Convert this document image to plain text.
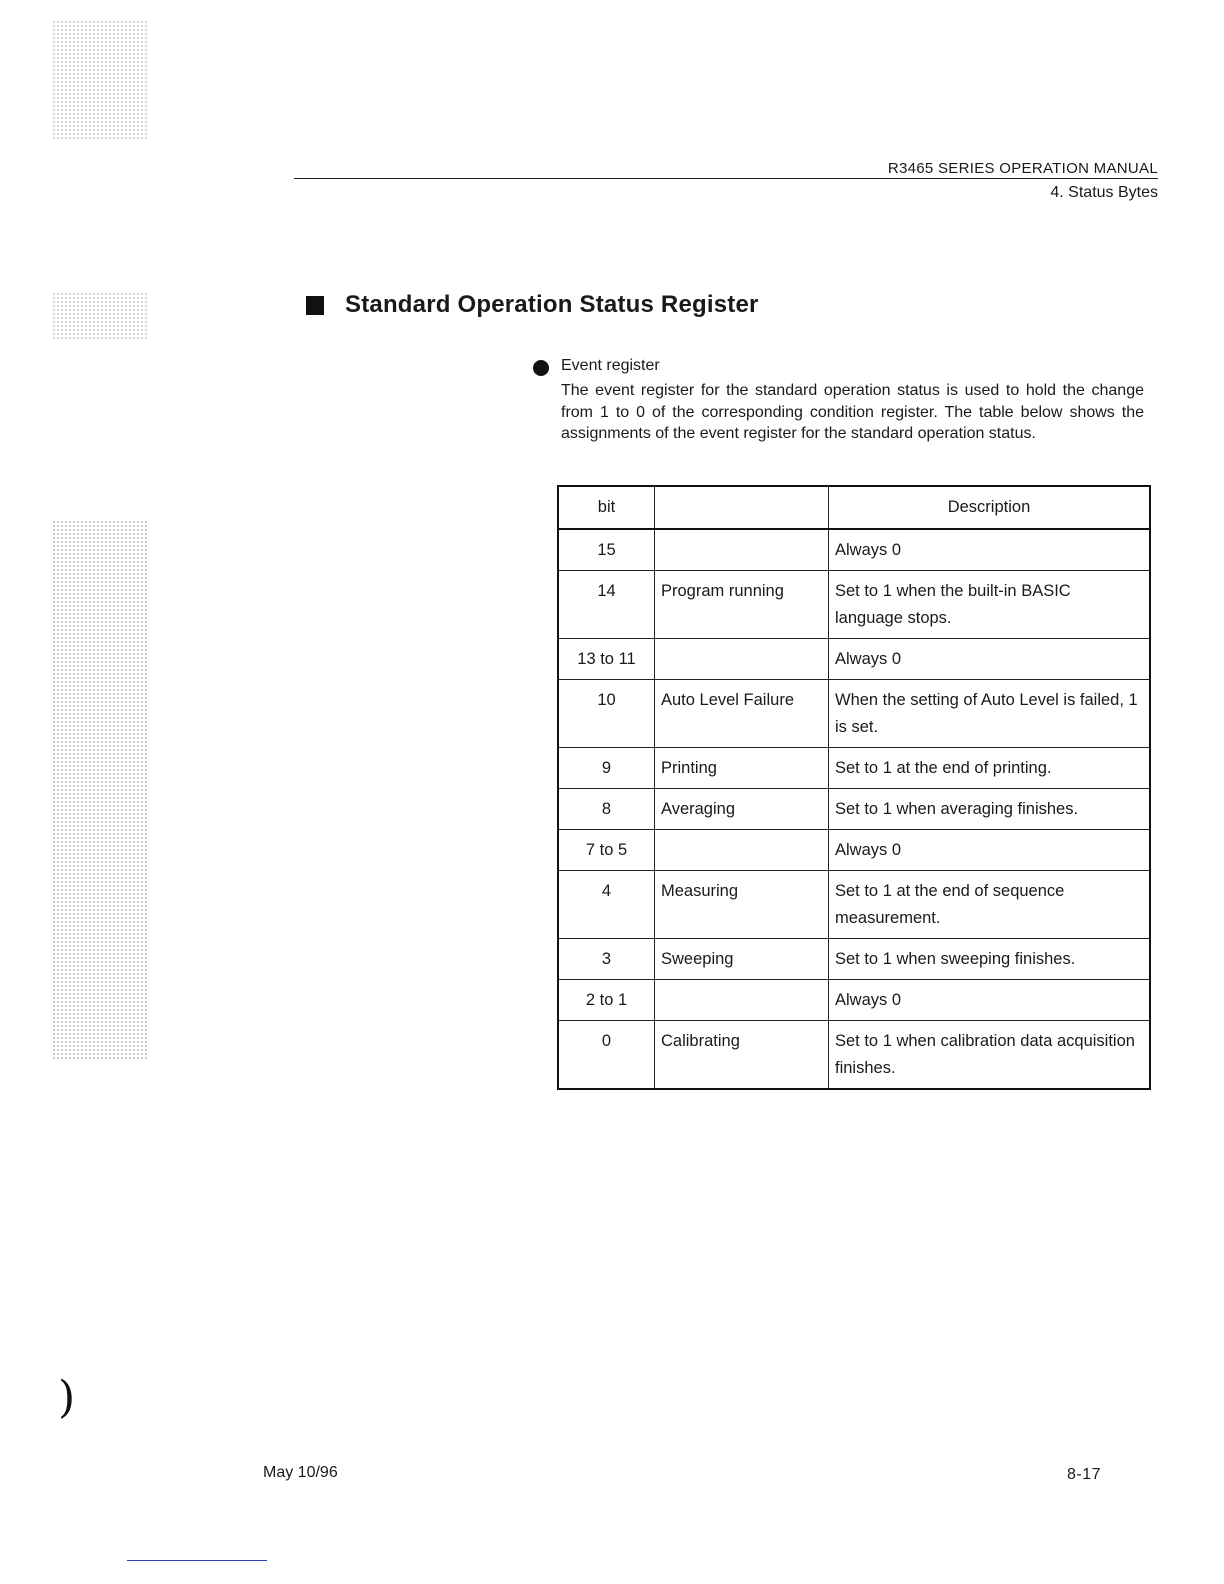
R3465 SERIES OPERATION MANUAL
4. Status Bytes
Standard Operation Status Register
Event register

The event register for the standard operation status is used to hold the change from 1 to 0 of the corresponding condition register. The table below shows the assignments of the event register for the standard operation status.

bit		Description
15		Always 0
14	Program running	Set to 1 when the built-in BASIC language stops.
13 to 11		Always 0
10	Auto Level Failure	When the setting of Auto Level is failed, 1 is set.
9	Printing	Set to 1 at the end of printing.
8	Averaging	Set to 1 when averaging finishes.
7 to 5		Always 0
4	Measuring	Set to 1 at the end of sequence measurement.
3	Sweeping	Set to 1 when sweeping finishes.
2 to 1		Always 0
0	Calibrating	Set to 1 when calibration data acquisition finishes.
)
May 10/96	8-17
